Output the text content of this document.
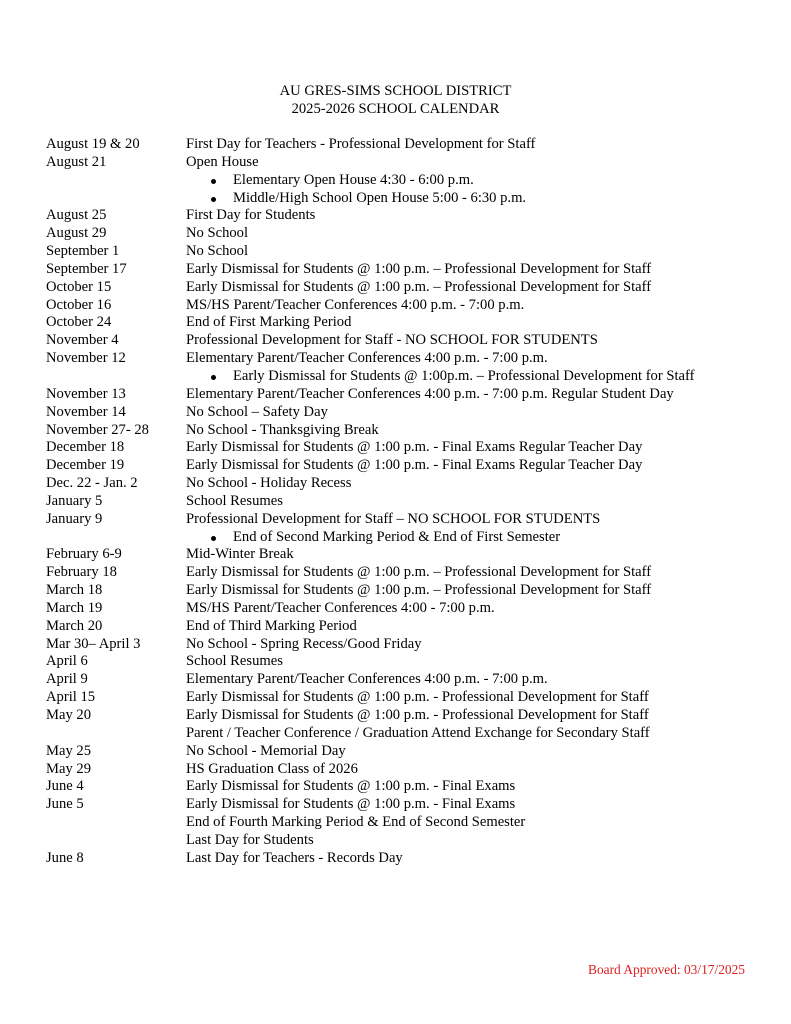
AU GRES-SIMS SCHOOL DISTRICT
2025-2026 SCHOOL CALENDAR
August 19 & 20	First Day for Teachers - Professional Development for Staff
August 21	Open House
Elementary Open House 4:30 - 6:00 p.m.
Middle/High School Open House 5:00 - 6:30 p.m.
August 25	First Day for Students
August 29	No School
September 1	No School
September 17	Early Dismissal for Students @ 1:00 p.m. – Professional Development for Staff
October 15	Early Dismissal for Students @ 1:00 p.m. – Professional Development for Staff
October 16	MS/HS Parent/Teacher Conferences 4:00 p.m. - 7:00 p.m.
October 24	End of First Marking Period
November 4	Professional Development for Staff - NO SCHOOL FOR STUDENTS
November 12	Elementary Parent/Teacher Conferences 4:00 p.m. - 7:00 p.m.
Early Dismissal for Students @ 1:00p.m. – Professional Development for Staff
November 13	Elementary Parent/Teacher Conferences 4:00 p.m. - 7:00 p.m. Regular Student Day
November 14	No School – Safety Day
November 27- 28	No School - Thanksgiving Break
December 18	Early Dismissal for Students @ 1:00 p.m. - Final Exams Regular Teacher Day
December 19	Early Dismissal for Students @ 1:00 p.m. - Final Exams Regular Teacher Day
Dec. 22 - Jan. 2	No School - Holiday Recess
January 5	School Resumes
January 9	Professional Development for Staff – NO SCHOOL FOR STUDENTS
End of Second Marking Period & End of First Semester
February 6-9	Mid-Winter Break
February 18	Early Dismissal for Students @ 1:00 p.m. – Professional Development for Staff
March 18	Early Dismissal for Students @ 1:00 p.m. – Professional Development for Staff
March 19	MS/HS Parent/Teacher Conferences 4:00 - 7:00 p.m.
March 20	End of Third Marking Period
Mar 30– April 3	No School - Spring Recess/Good Friday
April 6	School Resumes
April 9	Elementary Parent/Teacher Conferences 4:00 p.m. - 7:00 p.m.
April 15	Early Dismissal for Students @ 1:00 p.m. - Professional Development for Staff
May 20	Early Dismissal for Students @ 1:00 p.m. - Professional Development for Staff
Parent / Teacher Conference / Graduation Attend Exchange for Secondary Staff
May 25	No School - Memorial Day
May 29	HS Graduation Class of 2026
June 4	Early Dismissal for Students @ 1:00 p.m. - Final Exams
June 5	Early Dismissal for Students @ 1:00 p.m. - Final Exams
End of Fourth Marking Period & End of Second Semester
Last Day for Students
June 8	Last Day for Teachers - Records Day
Board Approved: 03/17/2025
